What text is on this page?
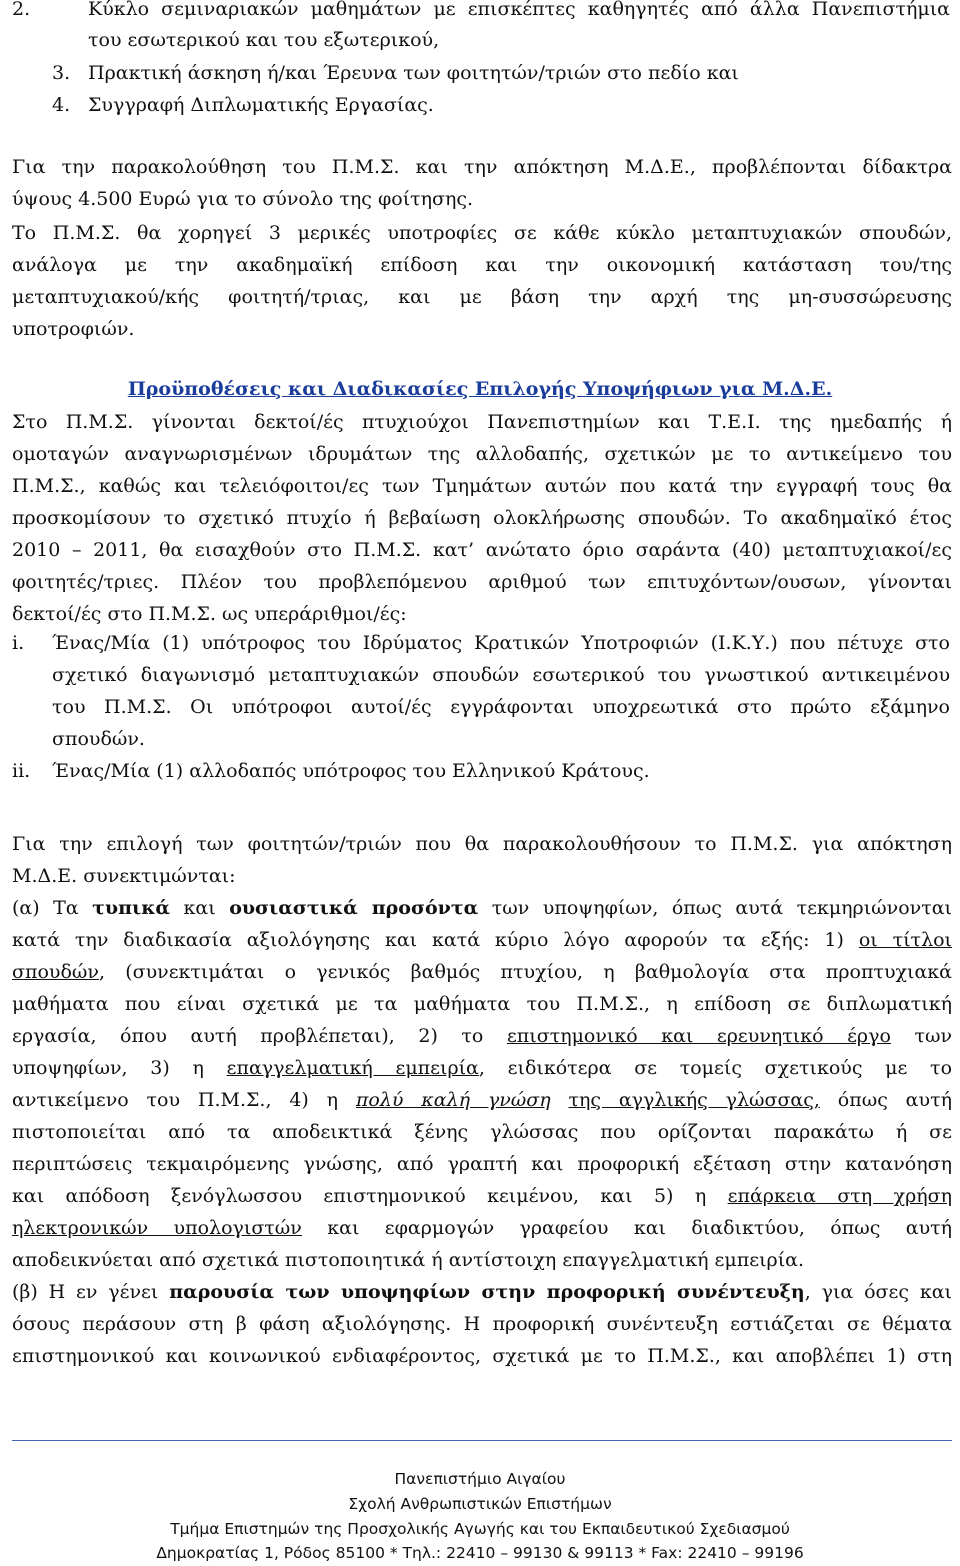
2.	Κύκλο σεμιναριακών μαθημάτων με επισκέπτες καθηγητές από άλλα Πανεπιστήμια
του εσωτερικού και του εξωτερικού,
3. Πρακτική άσκηση ή/και Έρευνα των φοιτητών/τριών στο πεδίο και
4. Συγγραφή Διπλωματικής Εργασίας.
Για την παρακολούθηση του Π.Μ.Σ. και την απόκτηση Μ.Δ.Ε., προβλέπονται δίδακτρα
ύψους 4.500 Ευρώ για το σύνολο της φοίτησης.
Το Π.Μ.Σ. θα χορηγεί 3 μερικές υποτροφίες σε κάθε κύκλο μεταπτυχιακών σπουδών,
ανάλογα με την ακαδημαϊκή επίδοση και την οικονομική κατάσταση του/της
μεταπτυχιακού/κής φοιτητή/τριας, και με βάση την αρχή της μη-συσσώρευσης
υποτροφιών.
Προϋποθέσεις και Διαδικασίες Επιλογής Υποψήφιων για Μ.Δ.Ε.
Στο Π.Μ.Σ. γίνονται δεκτοί/ές πτυχιούχοι Πανεπιστημίων και Τ.Ε.Ι. της ημεδαπής ή
ομοταγών αναγνωρισμένων ιδρυμάτων της αλλοδαπής, σχετικών με το αντικείμενο του
Π.Μ.Σ., καθώς και τελειόφοιτοι/ες των Τμημάτων αυτών που κατά την εγγραφή τους θα
προσκομίσουν το σχετικό πτυχίο ή βεβαίωση ολοκλήρωσης σπουδών. Το ακαδημαϊκό έτος
2010 – 2011, θα εισαχθούν στο Π.Μ.Σ. κατ’ ανώτατο όριο σαράντα (40) μεταπτυχιακοί/ες
φοιτητές/τριες. Πλέον του προβλεπόμενου αριθμού των επιτυχόντων/ουσων, γίνονται
δεκτοί/ές στο Π.Μ.Σ. ως υπεράριθμοι/ές:
i. Ένας/Μία (1) υπότροφος του Ιδρύματος Κρατικών Υποτροφιών (Ι.Κ.Υ.) που πέτυχε στο
σχετικό διαγωνισμό μεταπτυχιακών σπουδών εσωτερικού του γνωστικού αντικειμένου
του Π.Μ.Σ. Οι υπότροφοι αυτοί/ές εγγράφονται υποχρεωτικά στο πρώτο εξάμηνο
σπουδών.
ii. Ένας/Μία (1) αλλοδαπός υπότροφος του Ελληνικού Κράτους.
Για την επιλογή των φοιτητών/τριών που θα παρακολουθήσουν το Π.Μ.Σ. για απόκτηση
Μ.Δ.Ε. συνεκτιμώνται:
(α) Τα τυπικά και ουσιαστικά προσόντα των υποψηφίων, όπως αυτά τεκμηριώνονται
κατά την διαδικασία αξιολόγησης και κατά κύριο λόγο αφορούν τα εξής: 1) οι τίτλοι
σπουδών, (συνεκτιμάται ο γενικός βαθμός πτυχίου, η βαθμολογία στα προπτυχιακά
μαθήματα που είναι σχετικά με τα μαθήματα του Π.Μ.Σ., η επίδοση σε διπλωματική
εργασία, όπου αυτή προβλέπεται), 2) το επιστημονικό και ερευνητικό έργο των
υποψηφίων, 3) η επαγγελματική εμπειρία, ειδικότερα σε τομείς σχετικούς με το
αντικείμενο του Π.Μ.Σ., 4) η πολύ καλή γνώση της αγγλικής γλώσσας, όπως αυτή
πιστοποιείται από τα αποδεικτικά ξένης γλώσσας που ορίζονται παρακάτω ή σε
περιπτώσεις τεκμαιρόμενης γνώσης, από γραπτή και προφορική εξέταση στην κατανόηση
και απόδοση ξενόγλωσσου επιστημονικού κειμένου, και 5) η επάρκεια στη χρήση
ηλεκτρονικών υπολογιστών και εφαρμογών γραφείου και διαδικτύου, όπως αυτή
αποδεικνύεται από σχετικά πιστοποιητικά ή αντίστοιχη επαγγελματική εμπειρία.
(β) Η εν γένει παρουσία των υποψηφίων στην προφορική συνέντευξη, για όσες και
όσους περάσουν στη β φάση αξιολόγησης. Η προφορική συνέντευξη εστιάζεται σε θέματα
επιστημονικού και κοινωνικού ενδιαφέροντος, σχετικά με το Π.Μ.Σ., και αποβλέπει 1) στη
Πανεπιστήμιο Αιγαίου
Σχολή Ανθρωπιστικών Επιστήμων
Τμήμα Επιστημών της Προσχολικής Αγωγής και του Εκπαιδευτικού Σχεδιασμού
Δημοκρατίας 1, Ρόδος 85100 * Τηλ.: 22410 – 99130 & 99113 * Fax: 22410 – 99196
